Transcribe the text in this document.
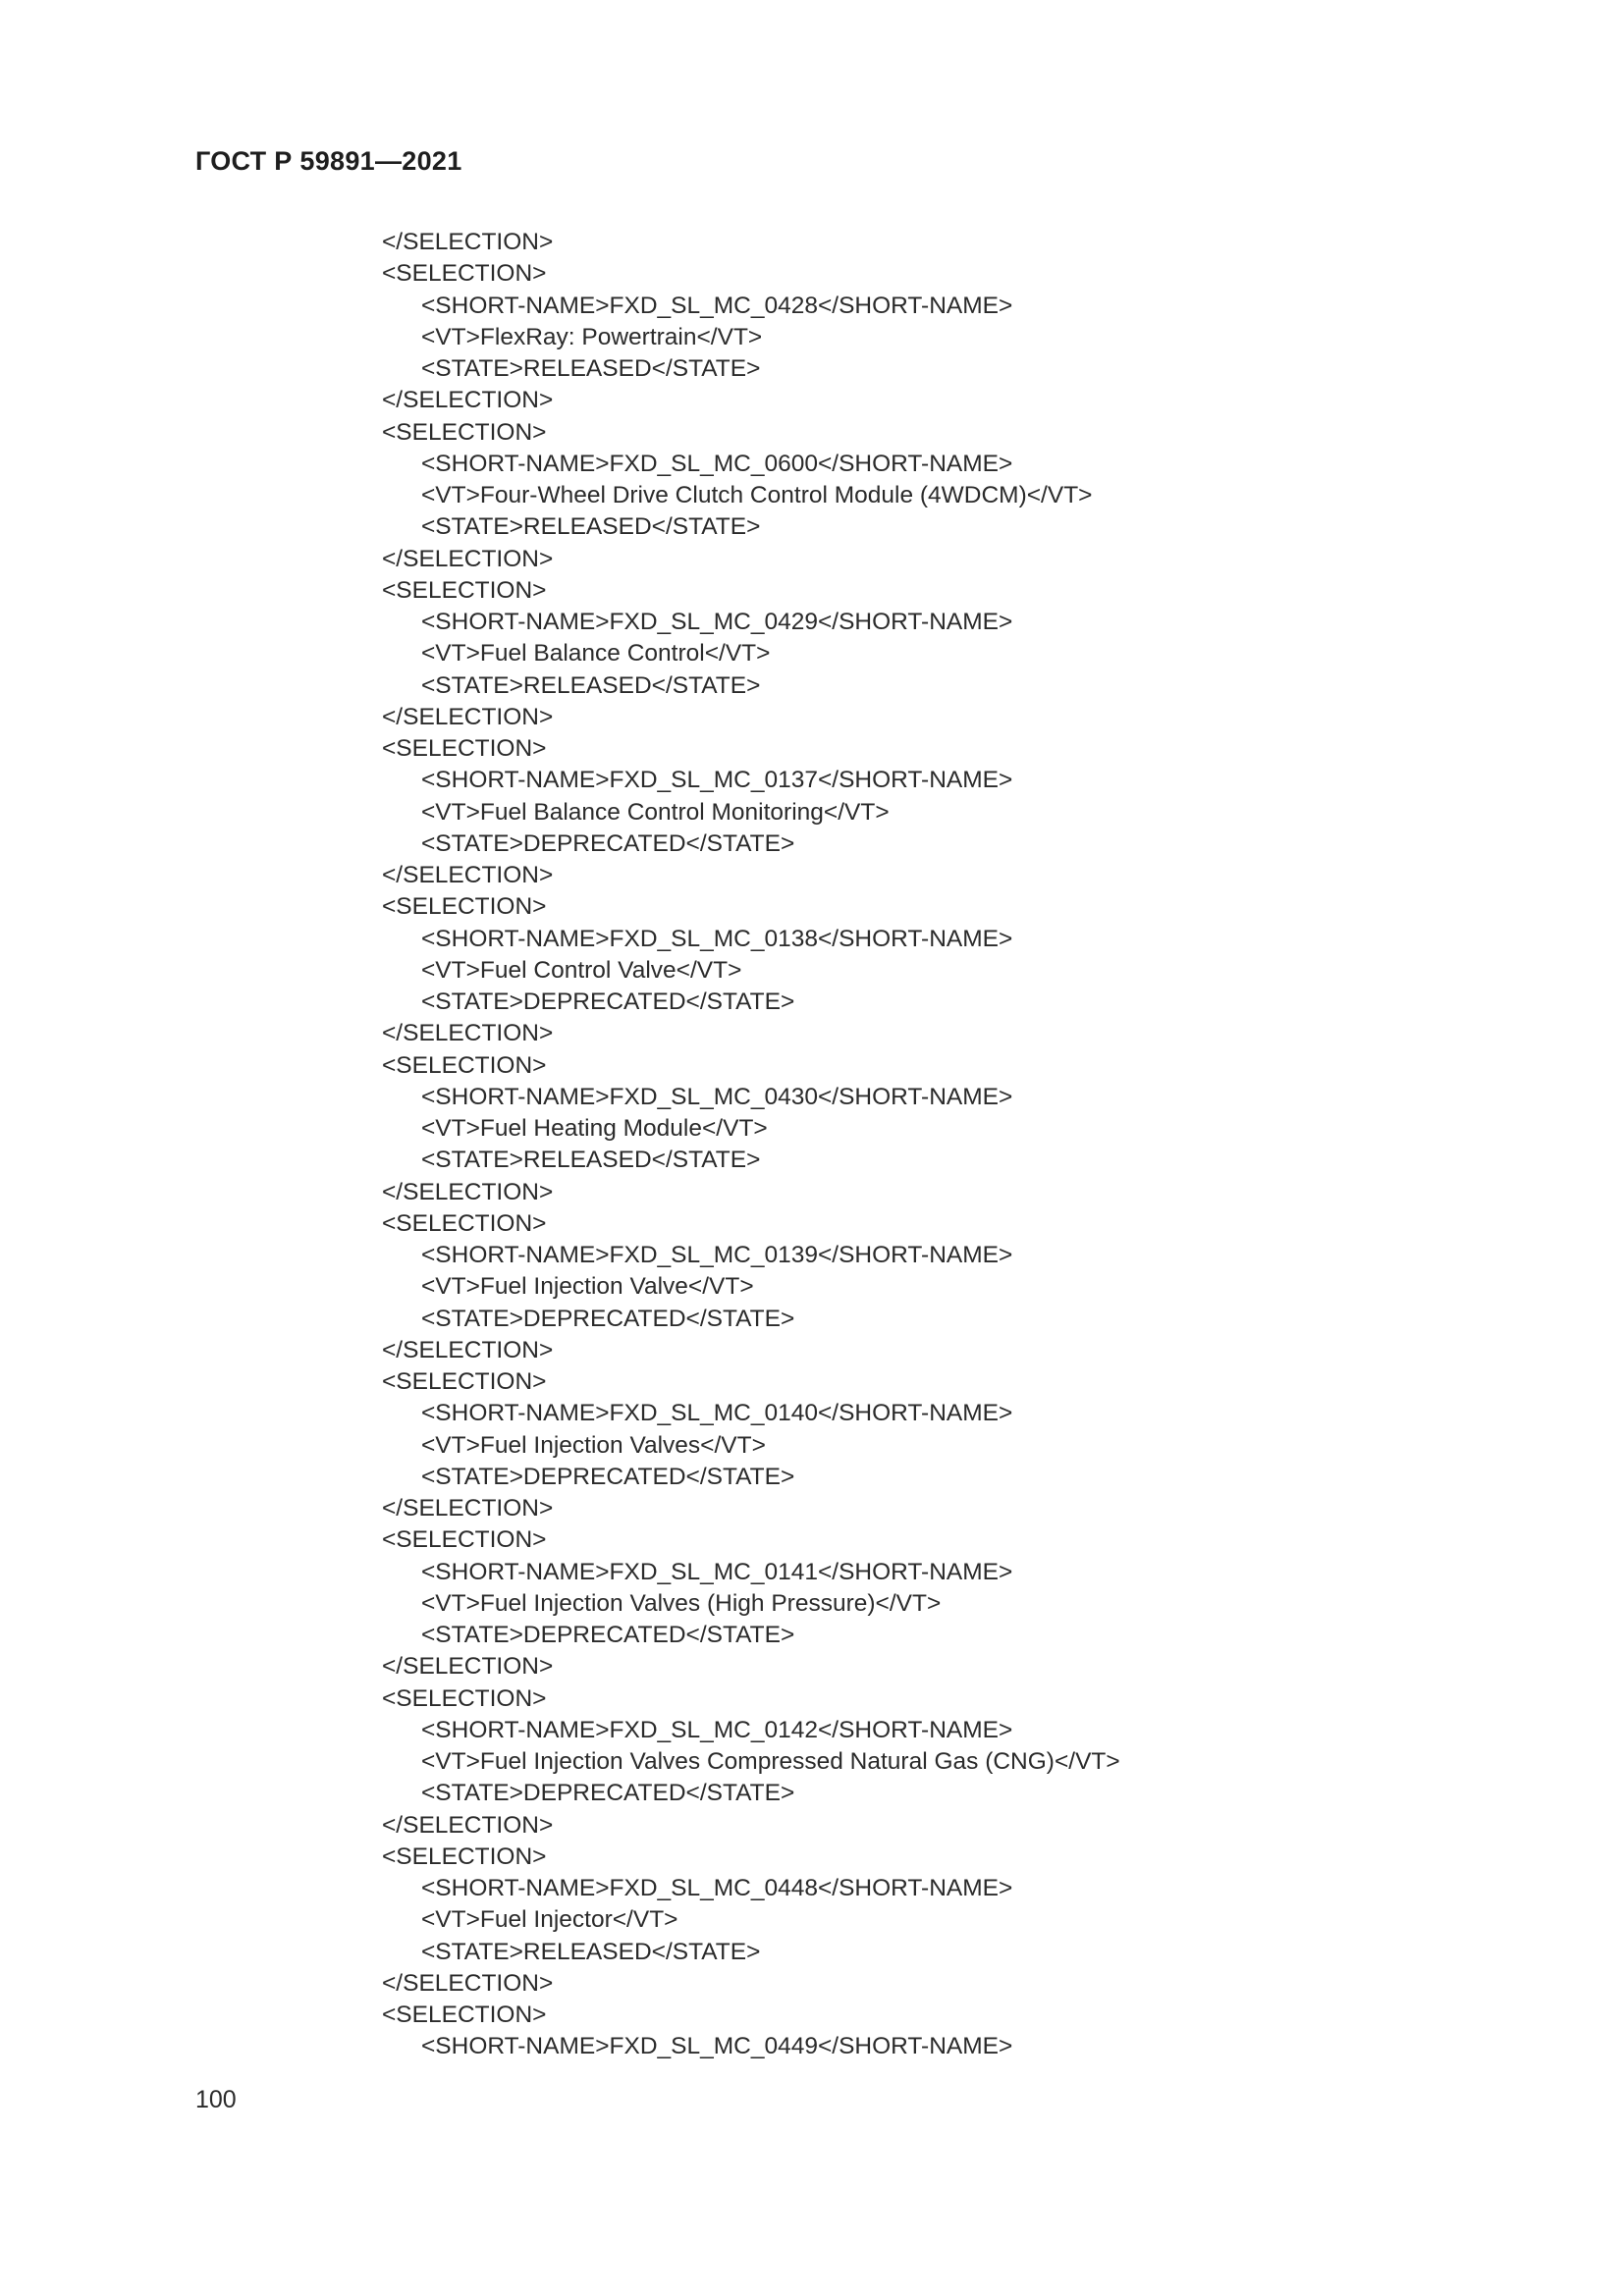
ГОСТ Р 59891—2021
</SELECTION>
<SELECTION>
<SHORT-NAME>FXD_SL_MC_0428</SHORT-NAME>
<VT>FlexRay: Powertrain</VT>
<STATE>RELEASED</STATE>
</SELECTION>
<SELECTION>
<SHORT-NAME>FXD_SL_MC_0600</SHORT-NAME>
<VT>Four-Wheel Drive Clutch Control Module (4WDCM)</VT>
<STATE>RELEASED</STATE>
</SELECTION>
<SELECTION>
<SHORT-NAME>FXD_SL_MC_0429</SHORT-NAME>
<VT>Fuel Balance Control</VT>
<STATE>RELEASED</STATE>
</SELECTION>
<SELECTION>
<SHORT-NAME>FXD_SL_MC_0137</SHORT-NAME>
<VT>Fuel Balance Control Monitoring</VT>
<STATE>DEPRECATED</STATE>
</SELECTION>
<SELECTION>
<SHORT-NAME>FXD_SL_MC_0138</SHORT-NAME>
<VT>Fuel Control Valve</VT>
<STATE>DEPRECATED</STATE>
</SELECTION>
<SELECTION>
<SHORT-NAME>FXD_SL_MC_0430</SHORT-NAME>
<VT>Fuel Heating Module</VT>
<STATE>RELEASED</STATE>
</SELECTION>
<SELECTION>
<SHORT-NAME>FXD_SL_MC_0139</SHORT-NAME>
<VT>Fuel Injection Valve</VT>
<STATE>DEPRECATED</STATE>
</SELECTION>
<SELECTION>
<SHORT-NAME>FXD_SL_MC_0140</SHORT-NAME>
<VT>Fuel Injection Valves</VT>
<STATE>DEPRECATED</STATE>
</SELECTION>
<SELECTION>
<SHORT-NAME>FXD_SL_MC_0141</SHORT-NAME>
<VT>Fuel Injection Valves (High Pressure)</VT>
<STATE>DEPRECATED</STATE>
</SELECTION>
<SELECTION>
<SHORT-NAME>FXD_SL_MC_0142</SHORT-NAME>
<VT>Fuel Injection Valves Compressed Natural Gas (CNG)</VT>
<STATE>DEPRECATED</STATE>
</SELECTION>
<SELECTION>
<SHORT-NAME>FXD_SL_MC_0448</SHORT-NAME>
<VT>Fuel Injector</VT>
<STATE>RELEASED</STATE>
</SELECTION>
<SELECTION>
<SHORT-NAME>FXD_SL_MC_0449</SHORT-NAME>
100
